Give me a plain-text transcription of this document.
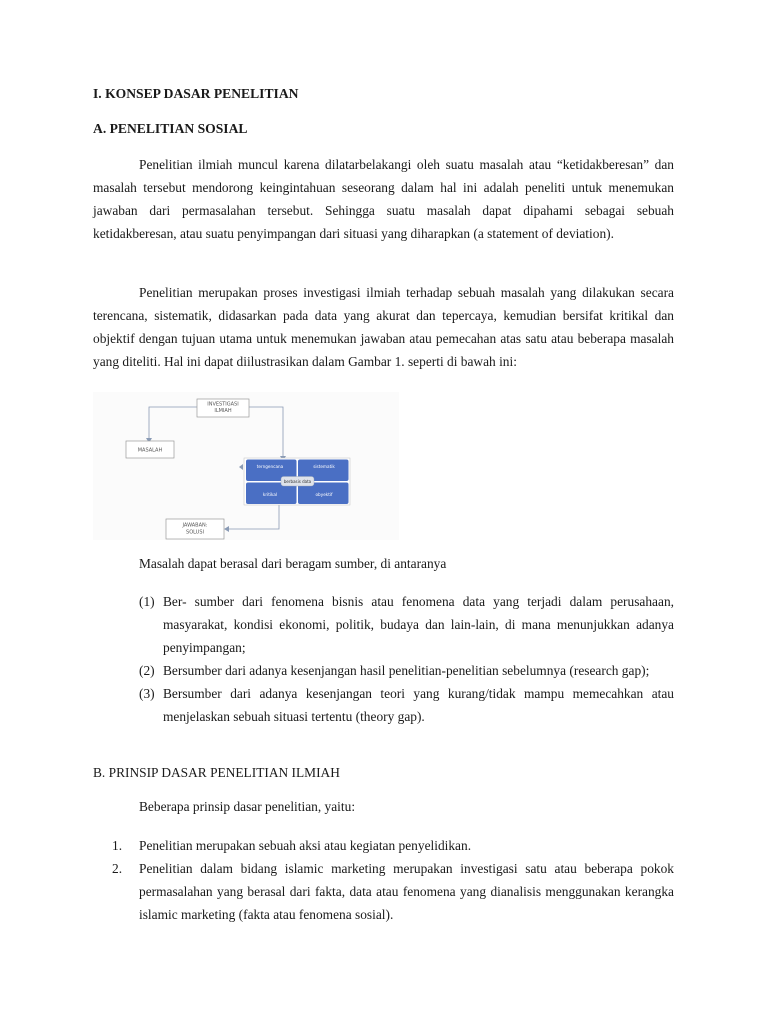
I. KONSEP DASAR PENELITIAN
A. PENELITIAN SOSIAL
Penelitian ilmiah muncul karena dilatarbelakangi oleh suatu masalah atau “ketidakberesan” dan masalah tersebut mendorong keingintahuan seseorang dalam hal ini adalah peneliti untuk menemukan jawaban dari permasalahan tersebut. Sehingga suatu masalah dapat dipahami sebagai sebuah ketidakberesan, atau suatu penyimpangan dari situasi yang diharapkan (a statement of deviation).
Penelitian merupakan proses investigasi ilmiah terhadap sebuah masalah yang dilakukan secara terencana, sistematik, didasarkan pada data yang akurat dan tepercaya, kemudian bersifat kritikal dan objektif dengan tujuan utama untuk menemukan jawaban atau pemecahan atas satu atau beberapa masalah yang diteliti. Hal ini dapat diilustrasikan dalam Gambar 1. seperti di bawah ini:
INVESTIGASI
ILMIAH
MASALAH
JAWABAN:
SOLUSI
terngencana	sistematik
kritikal	obyektif
berbasis data
Masalah dapat berasal dari beragam sumber, di antaranya
(1) Ber- sumber dari fenomena bisnis atau fenomena data yang terjadi dalam perusahaan, masyarakat, kondisi ekonomi, politik, budaya dan lain-lain, di mana menunjukkan adanya penyimpangan;
(2) Bersumber dari adanya kesenjangan hasil penelitian-penelitian sebelumnya (research gap);
(3) Bersumber dari adanya kesenjangan teori yang kurang/tidak mampu memecahkan atau menjelaskan sebuah situasi tertentu (theory gap).
B. PRINSIP DASAR PENELITIAN ILMIAH
Beberapa prinsip dasar penelitian, yaitu:
1. Penelitian merupakan sebuah aksi atau kegiatan penyelidikan.
2. Penelitian dalam bidang islamic marketing merupakan investigasi satu atau beberapa pokok permasalahan yang berasal dari fakta, data atau fenomena yang dianalisis menggunakan kerangka islamic marketing (fakta atau fenomena sosial).
